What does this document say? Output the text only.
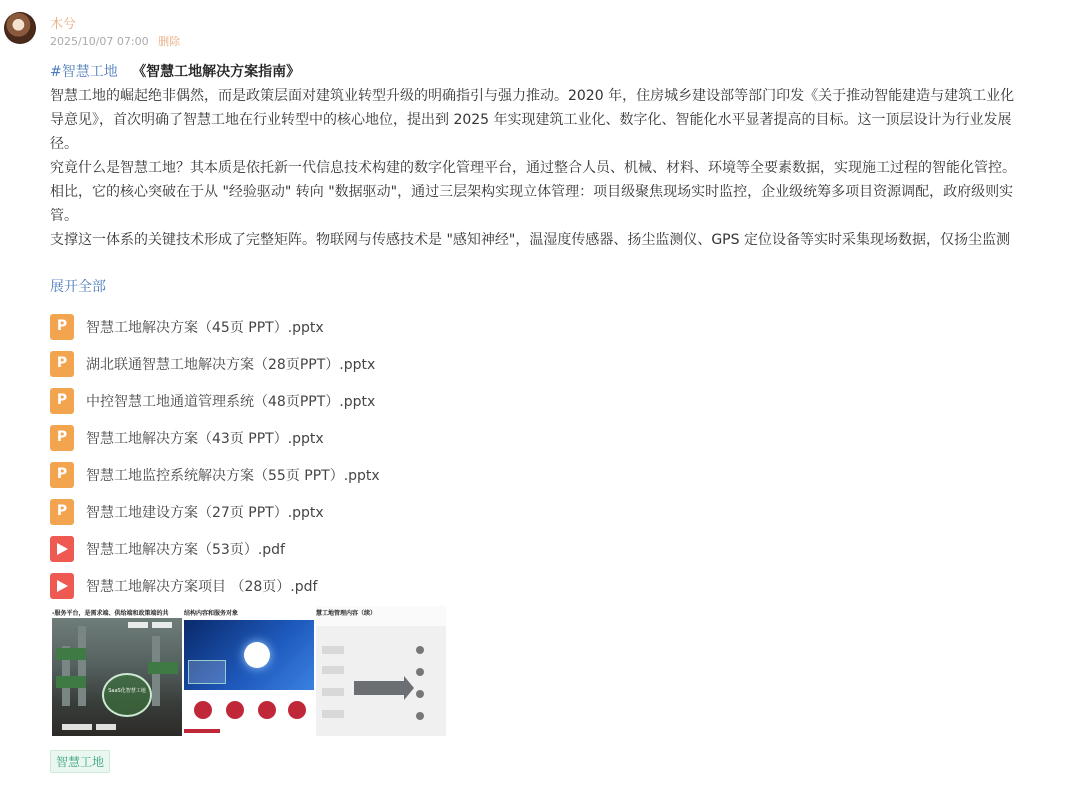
木兮
2025/10/07 07:00 删除
#智慧工地 《智慧工地解决方案指南》
智慧工地的崛起绝非偶然，而是政策层面对建筑业转型升级的明确指引与强力推动。2020 年，住房城乡建设部等部门印发《关于推动智能建造与建筑工业化
导意见》，首次明确了智慧工地在行业转型中的核心地位，提出到 2025 年实现建筑工业化、数字化、智能化水平显著提高的目标。这一顶层设计为行业发展
径。
究竟什么是智慧工地？其本质是依托新一代信息技术构建的数字化管理平台，通过整合人员、机械、材料、环境等全要素数据，实现施工过程的智能化管控。
相比，它的核心突破在于从 "经验驱动" 转向 "数据驱动"，通过三层架构实现立体管理：项目级聚焦现场实时监控，企业级统筹多项目资源调配，政府级则实
管。
支撑这一体系的关键技术形成了完整矩阵。物联网与传感技术是 "感知神经"，温湿度传感器、扬尘监测仪、GPS 定位设备等实时采集现场数据，仅扬尘监测
展开全部
P
智慧工地解决方案（45页 PPT）.pptx
P
湖北联通智慧工地解决方案（28页PPT）.pptx
P
中控智慧工地通道管理系统（48页PPT）.pptx
P
智慧工地解决方案（43页 PPT）.pptx
P
智慧工地监控系统解决方案（55页 PPT）.pptx
P
智慧工地建设方案（27页 PPT）.pptx
智慧工地解决方案（53页）.pdf
智慧工地解决方案项目 （28页）.pdf
-服务平台，是需求端、供给端和政策端的共
SaaS化智慧工地
结构内容和服务对象	慧工地管理内容（续）
智慧工地
